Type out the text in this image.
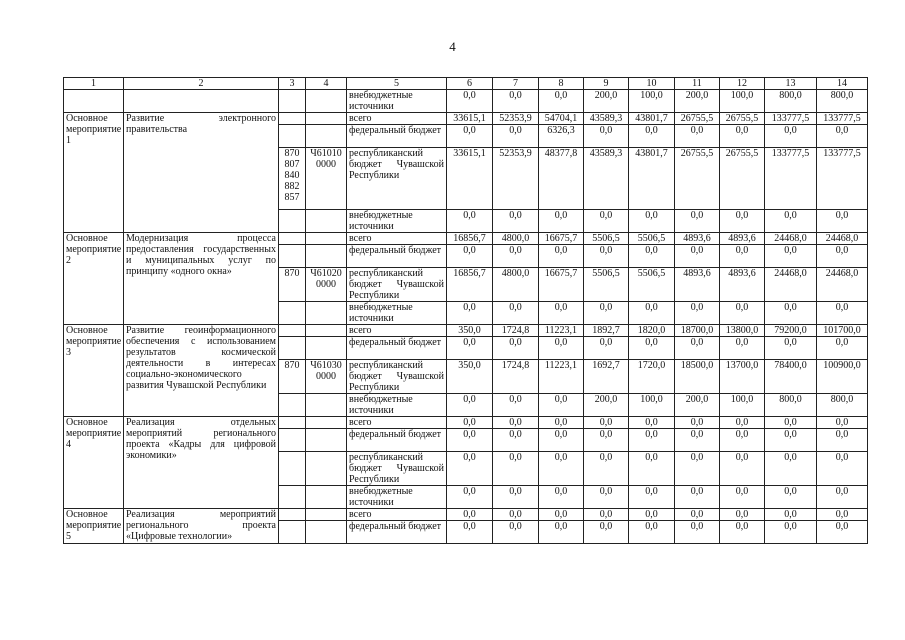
4
1	2	3	4	5	6	7	8	9	10	11	12	13	14
				внебюджетные источники	0,0	0,0	0,0	200,0	100,0	200,0	100,0	800,0	800,0
Основное мероприятие 1	Развитие электронного правительства			всего	33615,1	52353,9	54704,1	43589,3	43801,7	26755,5	26755,5	133777,5	133777,5
				федеральный бюджет	0,0	0,0	6326,3	0,0	0,0	0,0	0,0	0,0	0,0
		870 807 840 882 857	Ч61010 0000	республиканский бюджет Чувашской Республики	33615,1	52353,9	48377,8	43589,3	43801,7	26755,5	26755,5	133777,5	133777,5
				внебюджетные источники	0,0	0,0	0,0	0,0	0,0	0,0	0,0	0,0	0,0
Основное мероприятие 2	Модернизация процесса предоставления государственных и муниципальных услуг по принципу «одного окна»			всего	16856,7	4800,0	16675,7	5506,5	5506,5	4893,6	4893,6	24468,0	24468,0
				федеральный бюджет	0,0	0,0	0,0	0,0	0,0	0,0	0,0	0,0	0,0
		870	Ч61020 0000	республиканский бюджет Чувашской Республики	16856,7	4800,0	16675,7	5506,5	5506,5	4893,6	4893,6	24468,0	24468,0
				внебюджетные источники	0,0	0,0	0,0	0,0	0,0	0,0	0,0	0,0	0,0
Основное мероприятие 3	Развитие геоинформационного обеспечения с использованием результатов космической деятельности в интересах социально-экономического развития Чувашской Республики			всего	350,0	1724,8	11223,1	1892,7	1820,0	18700,0	13800,0	79200,0	101700,0
				федеральный бюджет	0,0	0,0	0,0	0,0	0,0	0,0	0,0	0,0	0,0
		870	Ч61030 0000	республиканский бюджет Чувашской Республики	350,0	1724,8	11223,1	1692,7	1720,0	18500,0	13700,0	78400,0	100900,0
				внебюджетные источники	0,0	0,0	0,0	200,0	100,0	200,0	100,0	800,0	800,0
Основное мероприятие 4	Реализация отдельных мероприятий регионального проекта «Кадры для цифровой экономики»			всего	0,0	0,0	0,0	0,0	0,0	0,0	0,0	0,0	0,0
				федеральный бюджет	0,0	0,0	0,0	0,0	0,0	0,0	0,0	0,0	0,0
				республиканский бюджет Чувашской Республики	0,0	0,0	0,0	0,0	0,0	0,0	0,0	0,0	0,0
				внебюджетные источники	0,0	0,0	0,0	0,0	0,0	0,0	0,0	0,0	0,0
Основное мероприятие 5	Реализация мероприятий регионального проекта «Цифровые технологии»			всего	0,0	0,0	0,0	0,0	0,0	0,0	0,0	0,0	0,0
				федеральный бюджет	0,0	0,0	0,0	0,0	0,0	0,0	0,0	0,0	0,0
